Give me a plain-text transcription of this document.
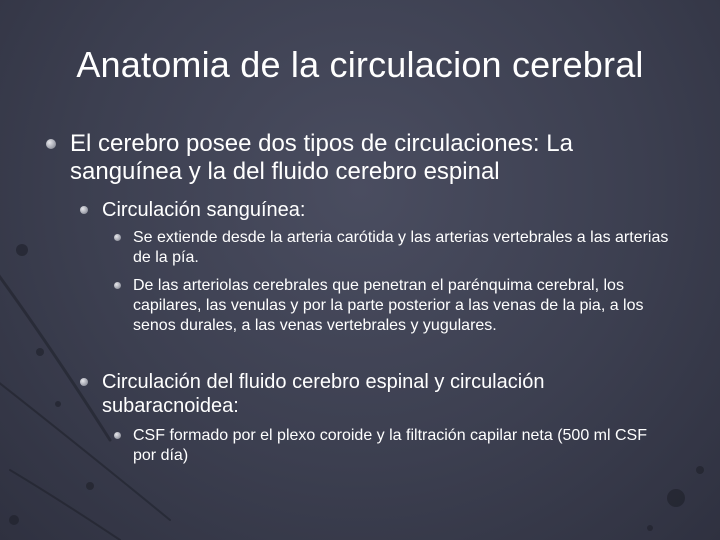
Anatomia de la circulacion cerebral
El cerebro posee dos tipos de circulaciones: La sanguínea y la del fluido cerebro espinal
Circulación sanguínea:
Se extiende desde la arteria carótida y las arterias vertebrales a las arterias de la pía.
De las arteriolas cerebrales que penetran el parénquima cerebral, los capilares, las venulas y por la parte posterior a las venas de la pia, a los senos durales, a las venas vertebrales y yugulares.
Circulación del fluido cerebro espinal y circulación subaracnoidea:
CSF formado por el plexo coroide y la filtración capilar neta (500 ml CSF por día)
